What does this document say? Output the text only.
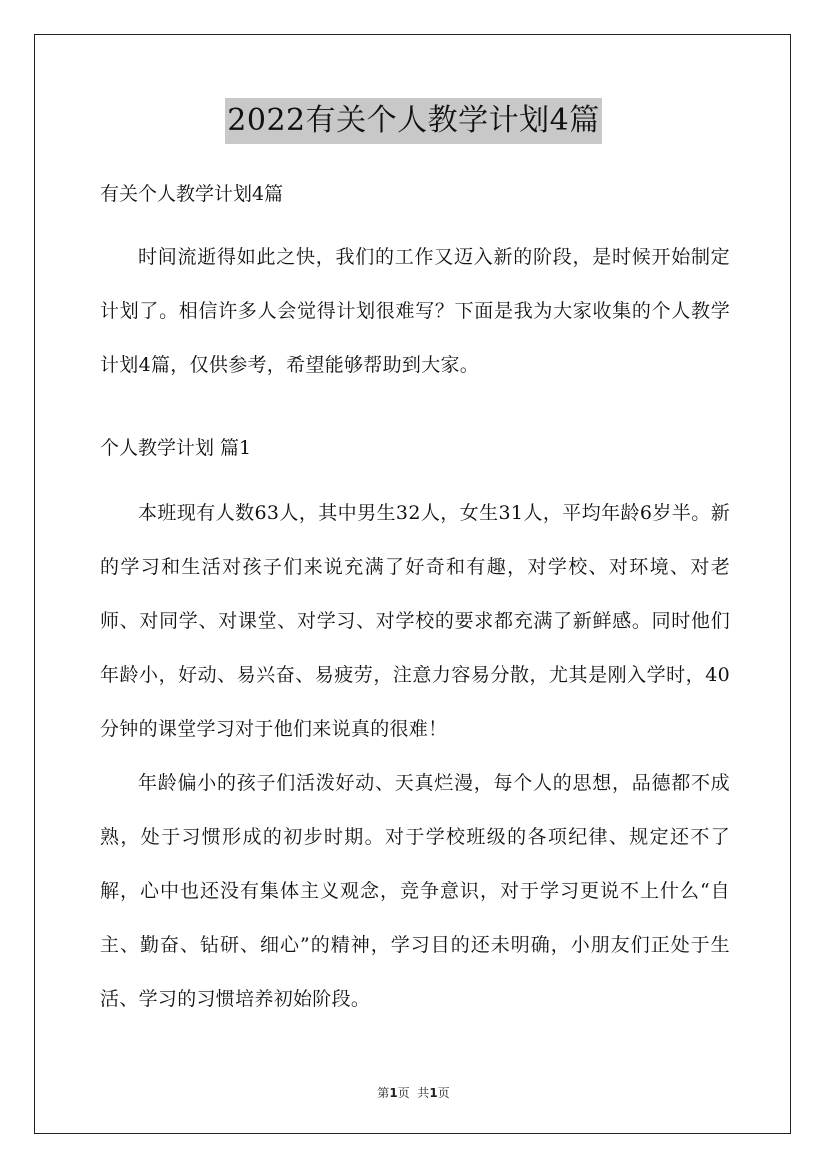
2022有关个人教学计划4篇

有关个人教学计划4篇

时间流逝得如此之快，我们的工作又迈入新的阶段，是时候开始制定计划了。相信许多人会觉得计划很难写？下面是我为大家收集的个人教学计划4篇，仅供参考，希望能够帮助到大家。

个人教学计划 篇1

本班现有人数63人，其中男生32人，女生31人，平均年龄6岁半。新的学习和生活对孩子们来说充满了好奇和有趣，对学校、对环境、对老师、对同学、对课堂、对学习、对学校的要求都充满了新鲜感。同时他们年龄小，好动、易兴奋、易疲劳，注意力容易分散，尤其是刚入学时，40分钟的课堂学习对于他们来说真的很难！

年龄偏小的孩子们活泼好动、天真烂漫，每个人的思想，品德都不成熟，处于习惯形成的初步时期。对于学校班级的各项纪律、规定还不了解，心中也还没有集体主义观念，竞争意识，对于学习更说不上什么“自主、勤奋、钻研、细心”的精神，学习目的还未明确，小朋友们正处于生活、学习的习惯培养初始阶段。

第1页  共1页
